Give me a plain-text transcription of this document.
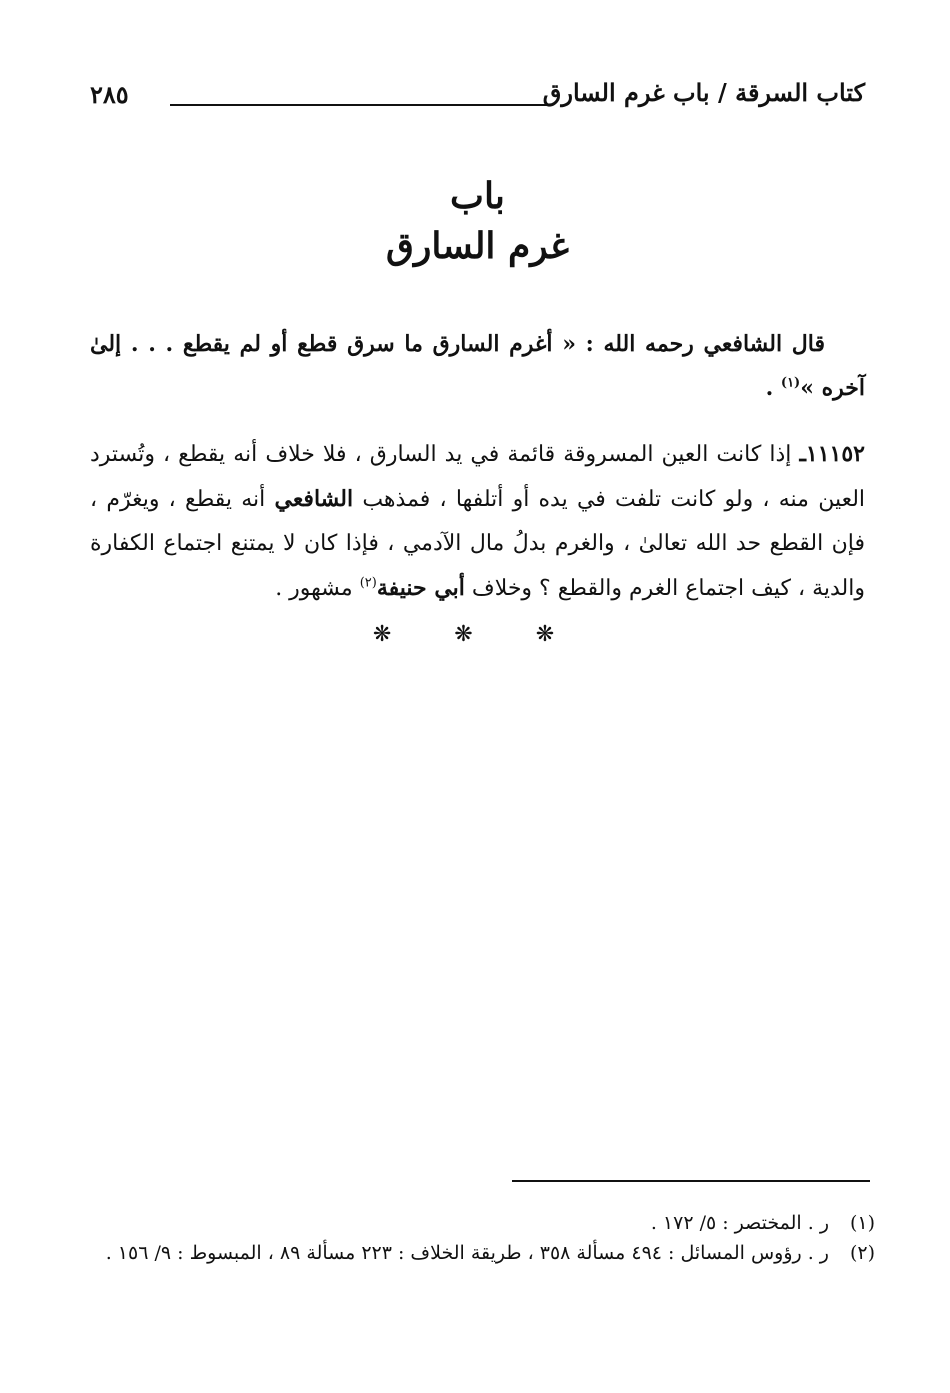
كتاب السرقة / باب غرم السارق
٢٨٥
باب
غرم السارق

قال الشافعي رحمه الله : « أغرم السارق ما سرق قطع أو لم يقطع . . . إلىٰ آخره »$^{(١)}$ .

١١١٥٢ـ إذا كانت العين المسروقة قائمة في يد السارق ، فلا خلاف أنه يقطع ، وتُسترد العين منه ، ولو كانت تلفت في يده أو أتلفها ، فمذهب الشافعي أنه يقطع ، ويغرّم ، فإن القطع حد الله تعالىٰ ، والغرم بدلُ مال الآدمي ، فإذا كان لا يمتنع اجتماع الكفارة والدية ، كيف اجتماع الغرم والقطع ؟ وخلاف أبي حنيفة$^{(٢)}$ مشهور .

❋ ❋ ❋
(١)
ر . المختصر : ٥/ ١٧٢ .
(٢)
ر . رؤوس المسائل : ٤٩٤ مسألة ٣٥٨ ، طريقة الخلاف : ٢٢٣ مسألة ٨٩ ، المبسوط : ٩/ ١٥٦ .
